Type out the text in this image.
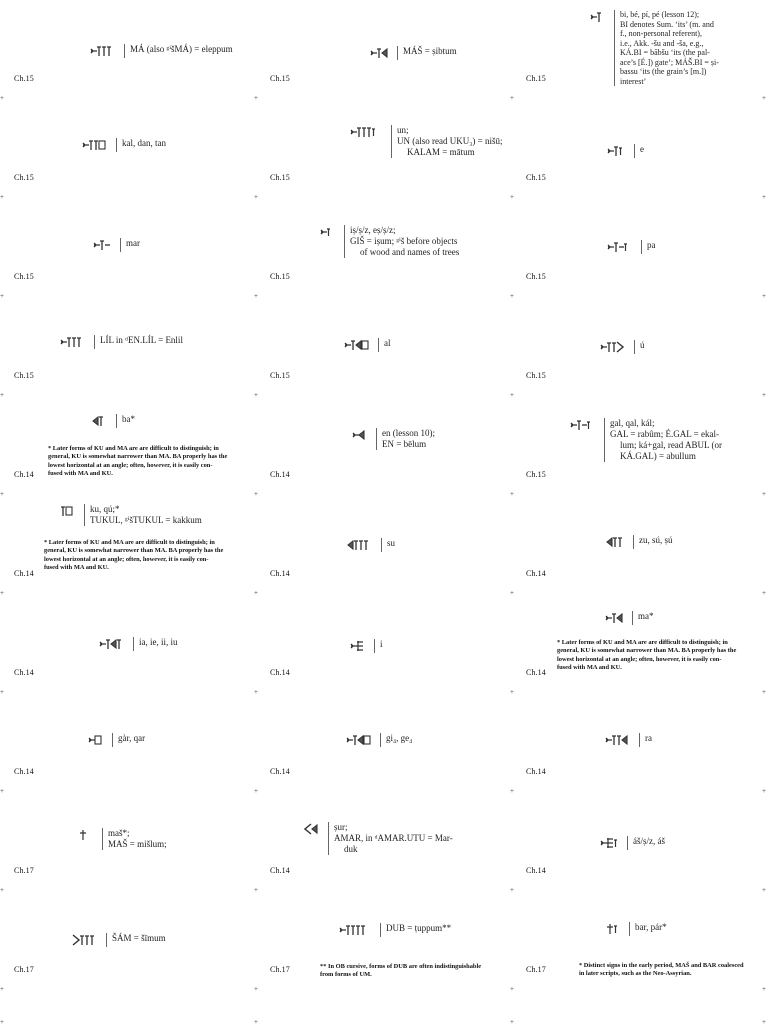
MÁ (also ᵍⁱšMÁ) = eleppum
Ch.15
MÁŠ = ṣibtum
Ch.15
bi, bé, pí, pé (lesson 12);
BI denotes Sum. ‘its’ (m. and
f., non-personal referent),
i.e., Akk. -šu and -ša, e.g.,
KÁ.BI = bābšu ‘its (the pal-
ace’s [É.]) gate’; MÁŠ.BI = ṣi-
bassu ‘its (the grain’s [m.])
interest’
Ch.15
kal, dan, tan
Ch.15
un;
UN (also read UKU₃) = nišū;
KALAM = mātum
Ch.15
e
Ch.15
mar
Ch.15
iṣ/ṣ/z, eṣ/ṣ/z;
GIŠ = iṣum; ᵍⁱš before objects
of wood and names of trees
Ch.15
pa
Ch.15
LÍL in ᵈEN.LÍL = Enlil
Ch.15
al
Ch.15
ú
Ch.15
ba*
* Later forms of KU and MA are are difficult to distinguish; in
general, KU is somewhat narrower than MA. BA properly has the
lowest horizontal at an angle; often, however, it is easily con-
fused with MA and KU.
Ch.14
en (lesson 10);
EN = bēlum
Ch.14
gal, qal, kál;
GAL = rabûm; É.GAL = ekal-
lum; ká+gal, read ABUL (or
KÁ.GAL) = abullum
Ch.15
ku, qú;*
TUKUL, ᵍⁱšTUKUL = kakkum
* Later forms of KU and MA are are difficult to distinguish; in
general, KU is somewhat narrower than MA. BA properly has the
lowest horizontal at an angle; often, however, it is easily con-
fused with MA and KU.
Ch.14
su
Ch.14
zu, sú, ṣú
Ch.14
ia, ie, ii, iu
Ch.14
i
Ch.14
ma*
* Later forms of KU and MA are are difficult to distinguish; in
general, KU is somewhat narrower than MA. BA properly has the
lowest horizontal at an angle; often, however, it is easily con-
fused with MA and KU.
Ch.14
gàr, qar
Ch.14
gi₄, ge₄
Ch.14
ra
Ch.14
maš*;
MAŠ = mišlum;
Ch.17
ṣur;
AMAR, in ᵈAMAR.UTU = Mar-
duk
Ch.14
áš/ṣ/z, áš
Ch.14
ŠÁM = šīmum
Ch.17
DUB = ṭuppum**
** In OB cursive, forms of DUB are often indistinguishable
from forms of UM.
Ch.17
bar, pár*
* Distinct signs in the early period, MAŠ and BAR coalesced
in later scripts, such as the Neo-Assyrian.
Ch.17
+	+	+	+
+	+	+	+
+	+	+	+
+	+	+	+
+	+	+	+
+	+	+	+
+	+	+	+
+	+	+	+
+	+	+	+
+	+	+	+
+	+	+	+
